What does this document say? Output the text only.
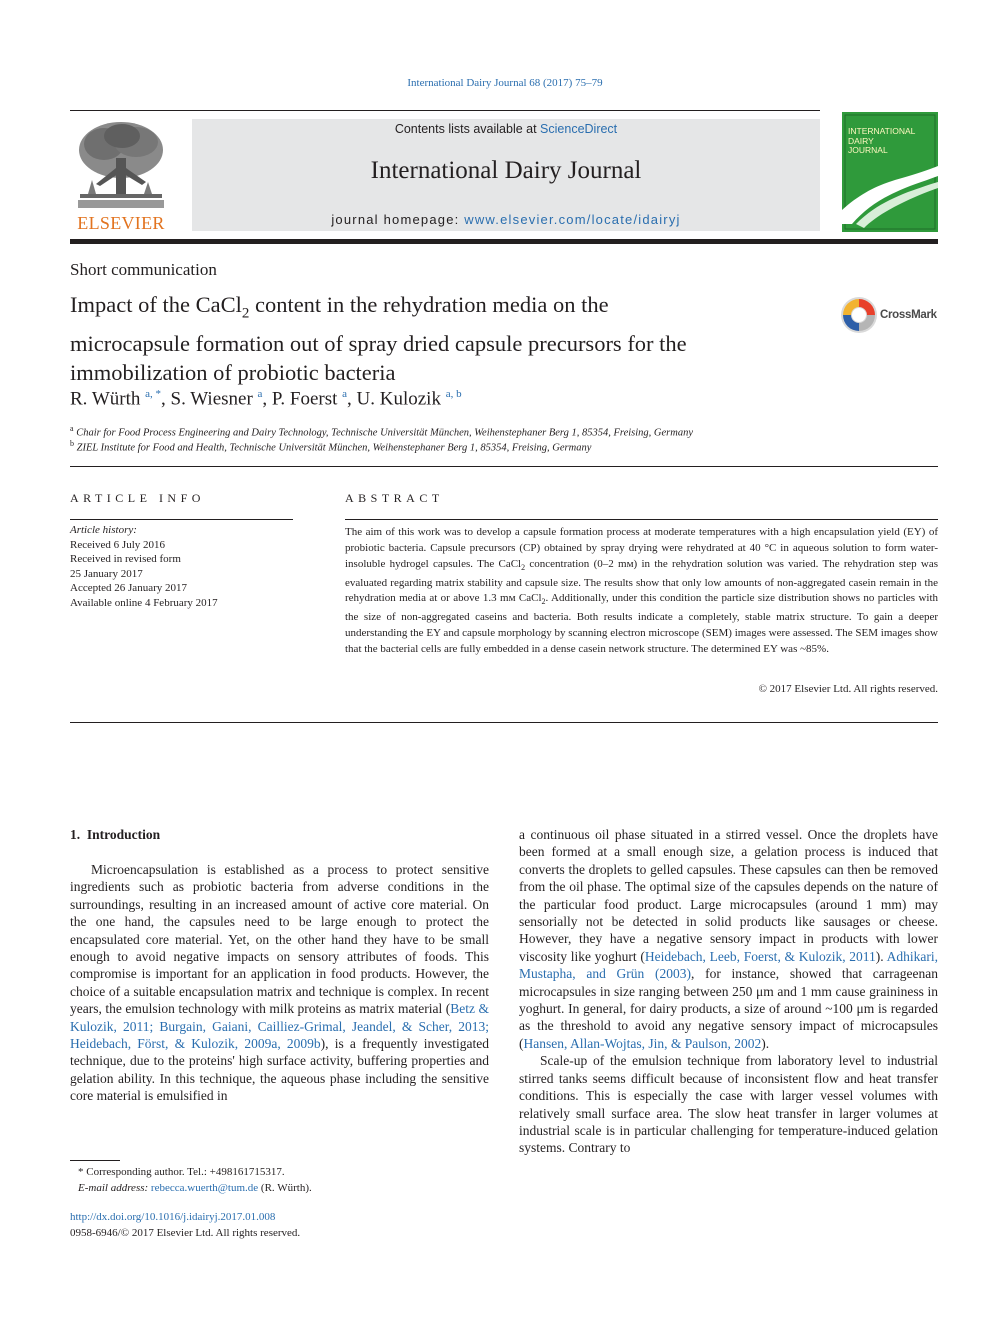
International Dairy Journal 68 (2017) 75–79
ELSEVIER
Contents lists available at ScienceDirect
International Dairy Journal
journal homepage: www.elsevier.com/locate/idairyj
INTERNATIONAL
DAIRY
JOURNAL
Short communication
Impact of the CaCl$_2$ content in the rehydration media on the microcapsule formation out of spray dried capsule precursors for the immobilization of probiotic bacteria
CrossMark
R. Würth $^{a, *}$, S. Wiesner $^a$, P. Foerst $^a$, U. Kulozik $^{a, b}$
$^a$ Chair for Food Process Engineering and Dairy Technology, Technische Universität München, Weihenstephaner Berg 1, 85354, Freising, Germany
$^b$ ZIEL Institute for Food and Health, Technische Universität München, Weihenstephaner Berg 1, 85354, Freising, Germany
ARTICLE INFO	ABSTRACT
Article history:
Received 6 July 2016
Received in revised form
25 January 2017
Accepted 26 January 2017
Available online 4 February 2017
The aim of this work was to develop a capsule formation process at moderate temperatures with a high encapsulation yield (EY) of probiotic bacteria. Capsule precursors (CP) obtained by spray drying were rehydrated at 40 °C in aqueous solution to form water-insoluble hydrogel capsules. The CaCl$_2$ concentration (0–2 mᴍ) in the rehydration solution was varied. The rehydration step was evaluated regarding matrix stability and capsule size. The results show that only low amounts of non-aggregated casein remain in the rehydration media at or above 1.3 mᴍ CaCl$_2$. Additionally, under this condition the particle size distribution shows no particles with the size of non-aggregated caseins and bacteria. Both results indicate a completely, stable matrix structure. To gain a deeper understanding the EY and capsule morphology by scanning electron microscope (SEM) images were assessed. The SEM images show that the bacterial cells are fully embedded in a dense casein network structure. The determined EY was ~85%.
© 2017 Elsevier Ltd. All rights reserved.
1.  Introduction

Microencapsulation is established as a process to protect sensitive ingredients such as probiotic bacteria from adverse conditions in the surroundings, resulting in an increased amount of active core material. On the one hand, the capsules need to be large enough to protect the encapsulated core material. Yet, on the other hand they have to be small enough to avoid negative impacts on sensory attributes of foods. This compromise is important for an application in food products. However, the choice of a suitable encapsulation matrix and technique is complex. In recent years, the emulsion technology with milk proteins as matrix material (Betz & Kulozik, 2011; Burgain, Gaiani, Cailliez-Grimal, Jeandel, & Scher, 2013; Heidebach, Först, & Kulozik, 2009a, 2009b), is a frequently investigated technique, due to the proteins' high surface activity, buffering properties and gelation ability. In this technique, the aqueous phase including the sensitive core material is emulsified in

a continuous oil phase situated in a stirred vessel. Once the droplets have been formed at a small enough size, a gelation process is induced that converts the droplets to gelled capsules. These capsules can then be removed from the oil phase. The optimal size of the capsules depends on the nature of the particular food product. Large microcapsules (around 1 mm) may sensorially not be detected in solid products like sausages or cheese. However, they have a negative sensory impact in products with lower viscosity like yoghurt (Heidebach, Leeb, Foerst, & Kulozik, 2011). Adhikari, Mustapha, and Grün (2003), for instance, showed that carrageenan microcapsules in size ranging between 250 μm and 1 mm cause graininess in yoghurt. In general, for dairy products, a size of around ~100 μm is regarded as the threshold to avoid any negative sensory impact of microcapsules (Hansen, Allan-Wojtas, Jin, & Paulson, 2002).

Scale-up of the emulsion technique from laboratory level to industrial stirred tanks seems difficult because of inconsistent flow and heat transfer conditions. This is especially the case with larger vessel volumes with relatively small surface area. The slow heat transfer in larger volumes at industrial scale is in particular challenging for temperature-induced gelation systems. Contrary to

* Corresponding author. Tel.: +498161715317.
E-mail address: rebecca.wuerth@tum.de (R. Würth).
http://dx.doi.org/10.1016/j.idairyj.2017.01.008
0958-6946/© 2017 Elsevier Ltd. All rights reserved.
